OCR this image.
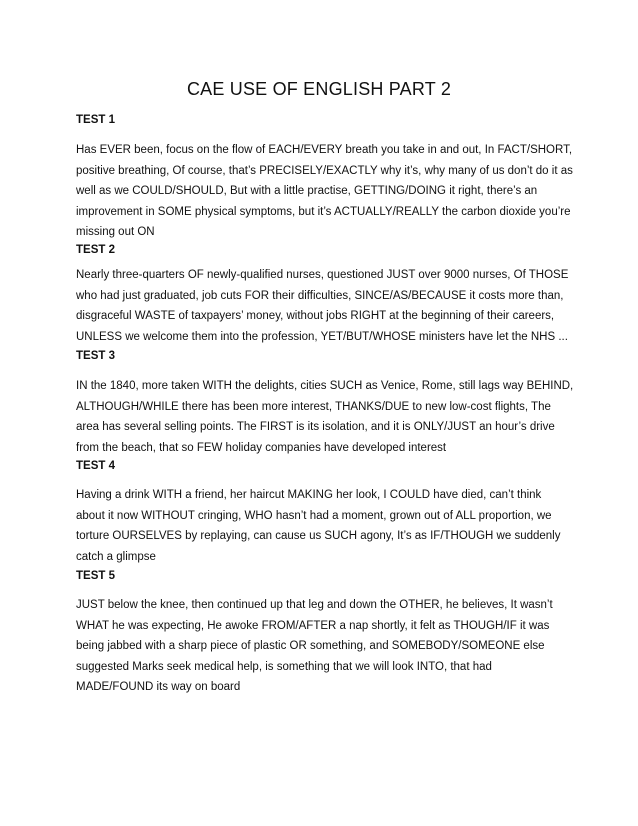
CAE USE OF ENGLISH PART 2
TEST 1
Has EVER been, focus on the flow of EACH/EVERY breath you take in and out, In FACT/SHORT,
positive breathing, Of course, that’s PRECISELY/EXACTLY why it’s, why many of us don’t do it as
well as we COULD/SHOULD, But with a little practise, GETTING/DOING it right, there’s an
improvement in SOME physical symptoms, but it’s ACTUALLY/REALLY the carbon dioxide you’re
missing out ON
TEST 2
Nearly three-quarters OF newly-qualified nurses, questioned JUST over 9000 nurses, Of THOSE
who had just graduated, job cuts FOR their difficulties, SINCE/AS/BECAUSE it costs more than,
disgraceful WASTE of taxpayers’ money, without jobs RIGHT at the beginning of their careers,
UNLESS we welcome them into the profession, YET/BUT/WHOSE ministers have let the NHS ...
TEST 3
IN the 1840, more taken WITH the delights, cities SUCH as Venice, Rome, still lags way BEHIND,
ALTHOUGH/WHILE there has been more interest, THANKS/DUE to new low-cost flights, The
area has several selling points. The FIRST is its isolation, and it is ONLY/JUST an hour’s drive
from the beach, that so FEW holiday companies have developed interest
TEST 4
Having a drink WITH a friend, her haircut MAKING her look, I COULD have died, can’t think
about it now WITHOUT cringing, WHO hasn’t had a moment, grown out of ALL proportion, we
torture OURSELVES by replaying, can cause us SUCH agony, It’s as IF/THOUGH we suddenly
catch a glimpse
TEST 5
JUST below the knee, then continued up that leg and down the OTHER, he believes, It wasn’t
WHAT he was expecting, He awoke FROM/AFTER a nap shortly, it felt as THOUGH/IF it was
being jabbed with a sharp piece of plastic OR something, and SOMEBODY/SOMEONE else
suggested Marks seek medical help, is something that we will look INTO, that had
MADE/FOUND its way on board
